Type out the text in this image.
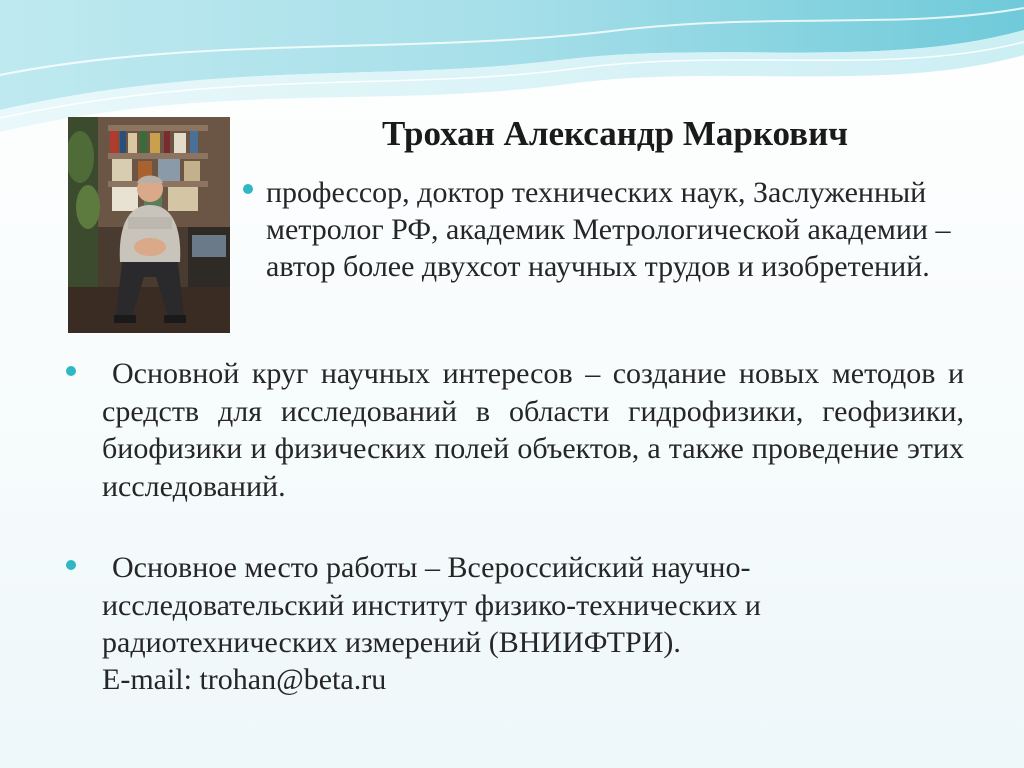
Трохан Александр Маркович
профессор, доктор технических наук, Заслуженный метролог РФ, академик Метрологической академии – автор более двухсот научных трудов и изобретений.
Основной круг научных интересов – создание новых методов и средств для исследований в области гидрофизики, геофизики, биофизики и физических полей объектов, а также проведение этих исследований.
Основное место работы – Всероссийский научно-исследовательский институт физико-технических и радиотехнических измерений (ВНИИФТРИ).
E-mail: trohan@beta.ru
